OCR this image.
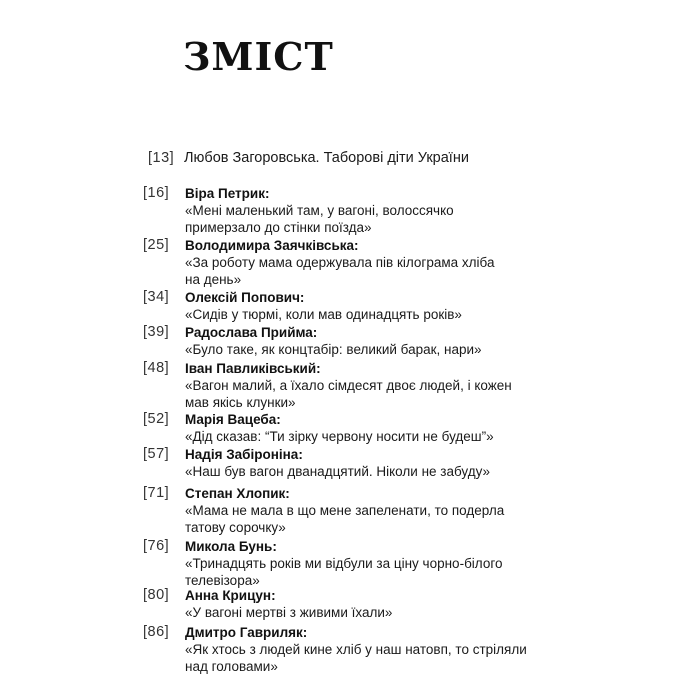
ЗМІСТ
[13] Любов Загоровська. Таборові діти України
[16]	Віра Петрик:
«Мені маленький там, у вагоні, волоссячко
примерзало до стінки поїзда»
[25]	Володимира Заячківська:
«За роботу мама одержувала пів кілограма хліба
на день»
[34]	Олексій Попович:
«Сидів у тюрмі, коли мав одинадцять років»
[39]	Радослава Прийма:
«Було таке, як концтабір: великий барак, нари»
[48]	Іван Павликівський:
«Вагон малий, а їхало сімдесят двоє людей, і кожен
мав якісь клунки»
[52]	Марія Вацеба:
«Дід сказав: “Ти зірку червону носити не будеш”»
[57]	Надія Забіроніна:
«Наш був вагон дванадцятий. Ніколи не забуду»
[71]	Степан Хлопик:
«Мама не мала в що мене запеленати, то подерла
татову сорочку»
[76]	Микола Бунь:
«Тринадцять років ми відбули за ціну чорно-білого
телевізора»
[80]	Анна Крицун:
«У вагоні мертві з живими їхали»
[86]	Дмитро Гавриляк:
«Як хтось з людей кине хліб у наш натовп, то стріляли
над головами»
